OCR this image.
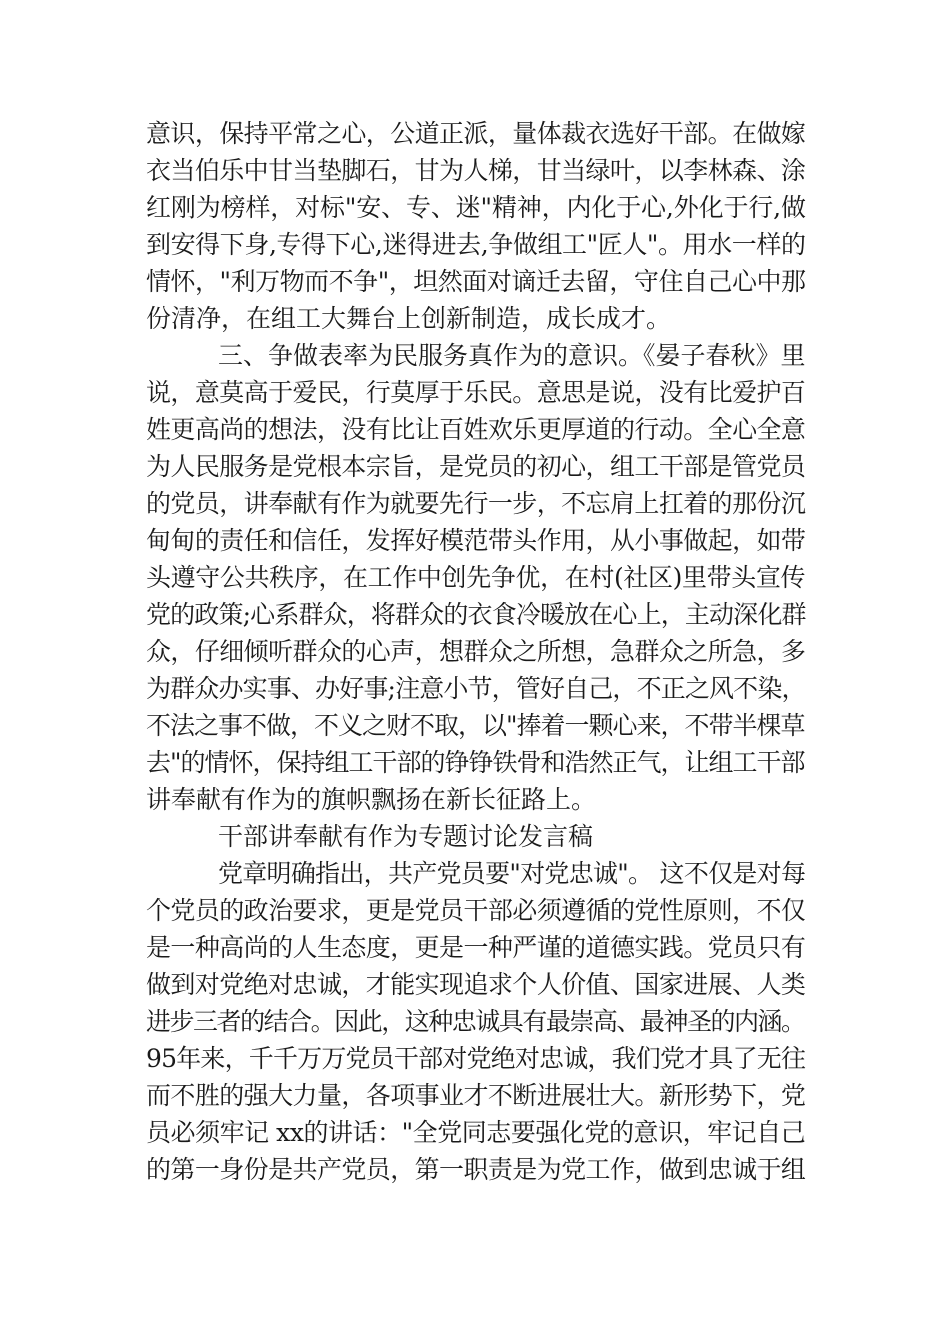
意识，保持平常之心，公道正派，量体裁衣选好干部。在做嫁
衣当伯乐中甘当垫脚石，甘为人梯，甘当绿叶，以李林森、涂
红刚为榜样，对标"安、专、迷"精神，内化于心,外化于行,做
到安得下身,专得下心,迷得进去,争做组工"匠人"。用水一样的
情怀，"利万物而不争"，坦然面对谪迁去留，守住自己心中那
份清净，在组工大舞台上创新制造，成长成才。
三、争做表率为民服务真作为的意识。《晏子春秋》里
说，意莫高于爱民，行莫厚于乐民。意思是说，没有比爱护百
姓更高尚的想法，没有比让百姓欢乐更厚道的行动。全心全意
为人民服务是党根本宗旨，是党员的初心，组工干部是管党员
的党员，讲奉献有作为就要先行一步，不忘肩上扛着的那份沉
甸甸的责任和信任，发挥好模范带头作用，从小事做起，如带
头遵守公共秩序，在工作中创先争优，在村(社区)里带头宣传
党的政策;心系群众，将群众的衣食冷暖放在心上，主动深化群
众，仔细倾听群众的心声，想群众之所想，急群众之所急，多
为群众办实事、办好事;注意小节，管好自己，不正之风不染，
不法之事不做，不义之财不取，以"捧着一颗心来，不带半棵草
去"的情怀，保持组工干部的铮铮铁骨和浩然正气，让组工干部
讲奉献有作为的旗帜飘扬在新长征路上。
干部讲奉献有作为专题讨论发言稿
党章明确指出，共产党员要"对党忠诚"。 这不仅是对每
个党员的政治要求，更是党员干部必须遵循的党性原则，不仅
是一种高尚的人生态度，更是一种严谨的道德实践。党员只有
做到对党绝对忠诚，才能实现追求个人价值、国家进展、人类
进步三者的结合。因此，这种忠诚具有最崇高、最神圣的内涵。
95年来，千千万万党员干部对党绝对忠诚，我们党才具了无往
而不胜的强大力量，各项事业才不断进展壮大。新形势下，党
员必须牢记 xx的讲话："全党同志要强化党的意识，牢记自己
的第一身份是共产党员，第一职责是为党工作，做到忠诚于组
